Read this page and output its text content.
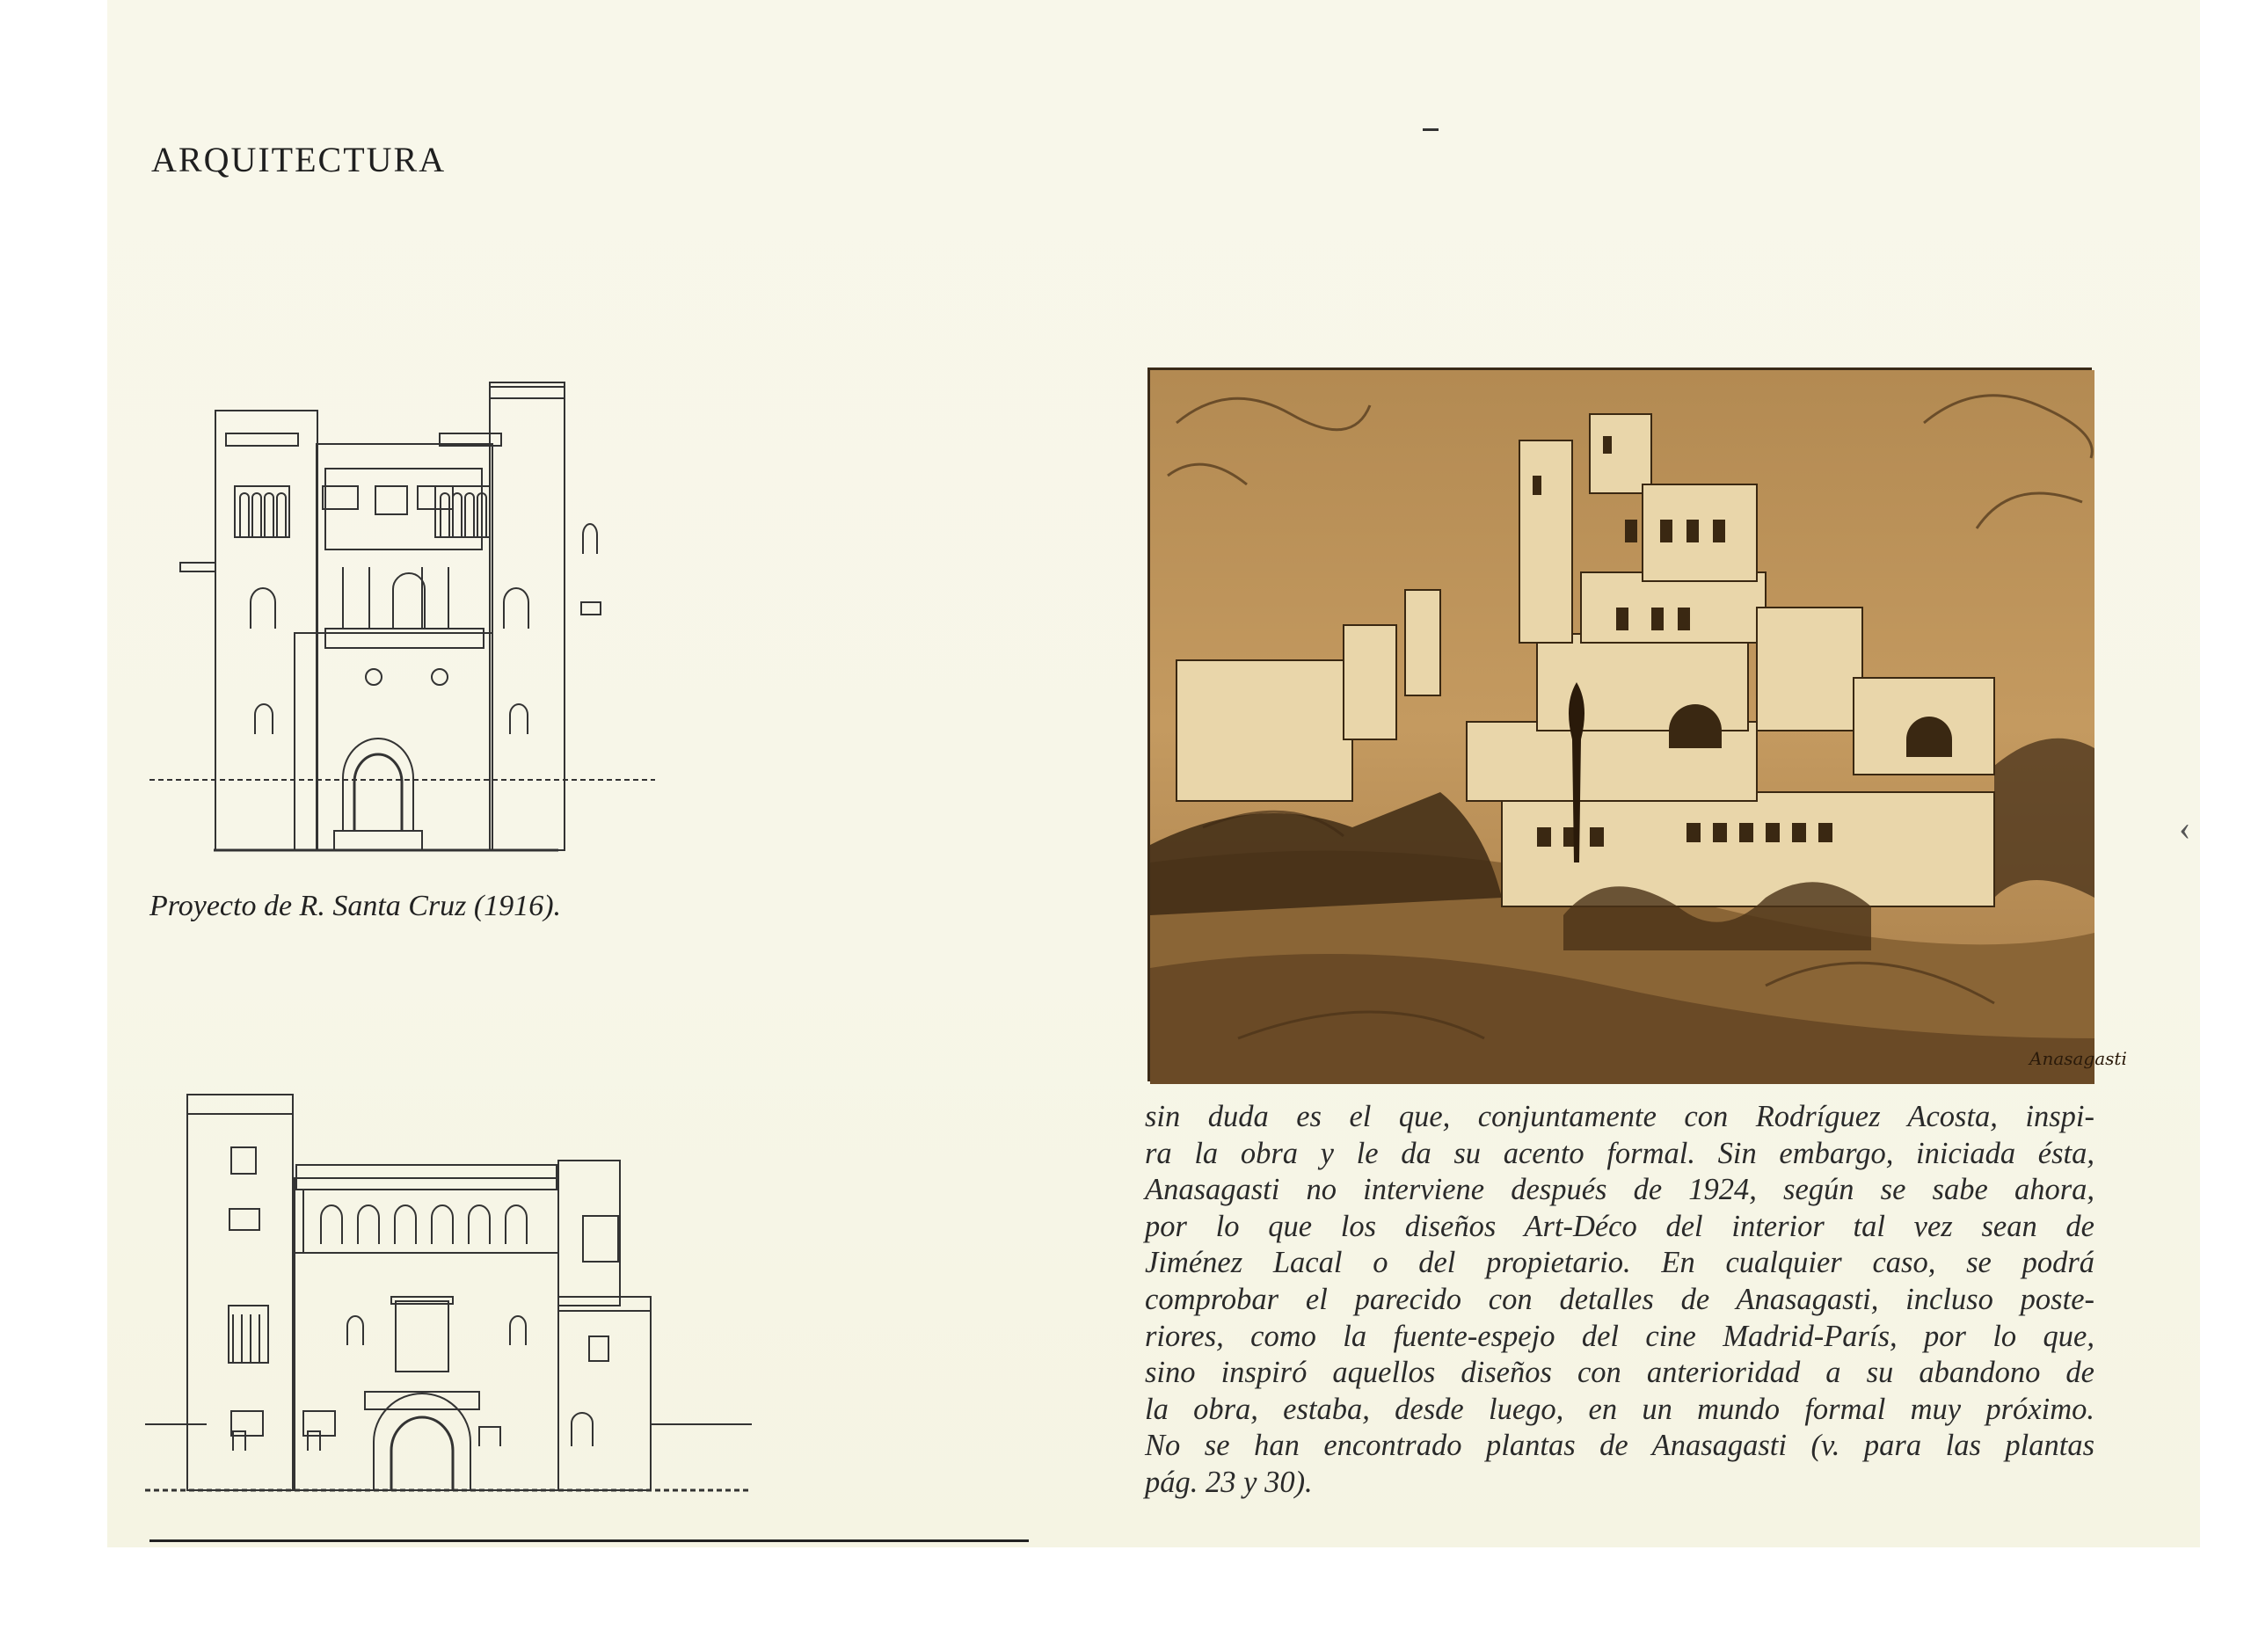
ARQUITECTURA
‹

Proyecto de R. Santa Cruz (1916).

Anasagasti

sin duda es el que, conjuntamente con Rodríguez Acosta, inspi-
ra la obra y le da su acento formal. Sin embargo, iniciada ésta,
Anasagasti no interviene después de 1924, según se sabe ahora,
por lo que los diseños Art-Déco del interior tal vez sean de
Jiménez Lacal o del propietario. En cualquier caso, se podrá
comprobar el parecido con detalles de Anasagasti, incluso poste-
riores, como la fuente-espejo del cine Madrid-París, por lo que,
sino inspiró aquellos diseños con anterioridad a su abandono de
la obra, estaba, desde luego, en un mundo formal muy próximo.
No se han encontrado plantas de Anasagasti (v. para las plantas
pág. 23 y 30).
